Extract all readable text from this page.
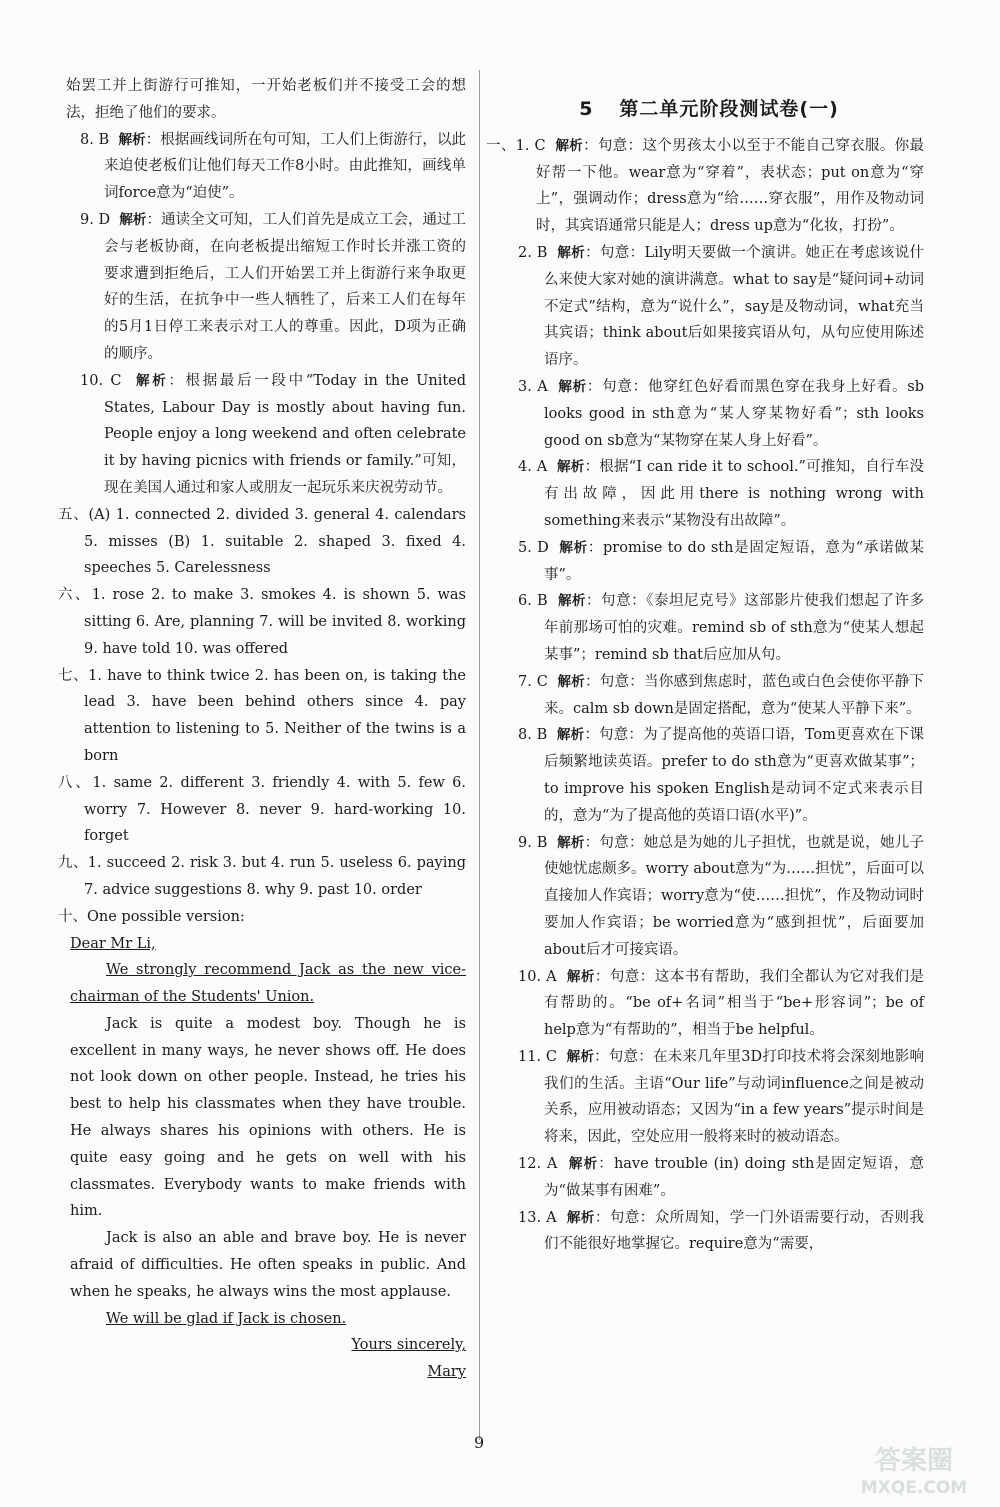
始罢工并上街游行可推知，一开始老板们并不接受工会的想法，拒绝了他们的要求。

8. B 解析：根据画线词所在句可知，工人们上街游行，以此来迫使老板们让他们每天工作8小时。由此推知，画线单词force意为“迫使”。

9. D 解析：通读全文可知，工人们首先是成立工会，通过工会与老板协商，在向老板提出缩短工作时长并涨工资的要求遭到拒绝后，工人们开始罢工并上街游行来争取更好的生活，在抗争中一些人牺牲了，后来工人们在每年的5月1日停工来表示对工人的尊重。因此，D项为正确的顺序。

10. C 解析：根据最后一段中“Today in the United States, Labour Day is mostly about having fun. People enjoy a long weekend and often celebrate it by having picnics with friends or family.”可知，现在美国人通过和家人或朋友一起玩乐来庆祝劳动节。

五、(A) 1. connected 2. divided 3. general 4. calendars 5. misses (B) 1. suitable 2. shaped 3. fixed 4. speeches 5. Carelessness

六、1. rose 2. to make 3. smokes 4. is shown 5. was sitting 6. Are, planning 7. will be invited 8. working 9. have told 10. was offered

七、1. have to think twice 2. has been on, is taking the lead 3. have been behind others since 4. pay attention to listening to 5. Neither of the twins is a born

八、1. same 2. different 3. friendly 4. with 5. few 6. worry 7. However 8. never 9. hard-working 10. forget

九、1. succeed 2. risk 3. but 4. run 5. useless 6. paying 7. advice suggestions 8. why 9. past 10. order

十、One possible version:

Dear Mr Li,

We strongly recommend Jack as the new vice-chairman of the Students' Union.

Jack is quite a modest boy. Though he is excellent in many ways, he never shows off. He does not look down on other people. Instead, he tries his best to help his classmates when they have trouble. He always shares his opinions with others. He is quite easy going and he gets on well with his classmates. Everybody wants to make friends with him.

Jack is also an able and brave boy. He is never afraid of difficulties. He often speaks in public. And when he speaks, he always wins the most applause.

We will be glad if Jack is chosen.

Yours sincerely,

Mary

5 第二单元阶段测试卷(一)

一、1. C 解析：句意：这个男孩太小以至于不能自己穿衣服。你最好帮一下他。wear意为“穿着”，表状态；put on意为“穿上”，强调动作；dress意为“给……穿衣服”，用作及物动词时，其宾语通常只能是人；dress up意为“化妆，打扮”。

2. B 解析：句意：Lily明天要做一个演讲。她正在考虑该说什么来使大家对她的演讲满意。what to say是“疑问词+动词不定式”结构，意为“说什么”，say是及物动词，what充当其宾语；think about后如果接宾语从句，从句应使用陈述语序。

3. A 解析：句意：他穿红色好看而黑色穿在我身上好看。sb looks good in sth意为“某人穿某物好看”；sth looks good on sb意为“某物穿在某人身上好看”。

4. A 解析：根据“I can ride it to school.”可推知，自行车没有出故障，因此用there is nothing wrong with something来表示“某物没有出故障”。

5. D 解析：promise to do sth是固定短语，意为“承诺做某事”。

6. B 解析：句意：《泰坦尼克号》这部影片使我们想起了许多年前那场可怕的灾难。remind sb of sth意为“使某人想起某事”；remind sb that后应加从句。

7. C 解析：句意：当你感到焦虑时，蓝色或白色会使你平静下来。calm sb down是固定搭配，意为“使某人平静下来”。

8. B 解析：句意：为了提高他的英语口语，Tom更喜欢在下课后频繁地读英语。prefer to do sth意为“更喜欢做某事”；to improve his spoken English是动词不定式来表示目的，意为“为了提高他的英语口语(水平)”。

9. B 解析：句意：她总是为她的儿子担忧，也就是说，她儿子使她忧虑颇多。worry about意为“为……担忧”，后面可以直接加人作宾语；worry意为“使……担忧”，作及物动词时要加人作宾语；be worried意为“感到担忧”，后面要加about后才可接宾语。

10. A 解析：句意：这本书有帮助，我们全都认为它对我们是有帮助的。“be of+名词”相当于“be+形容词”；be of help意为“有帮助的”，相当于be helpful。

11. C 解析：句意：在未来几年里3D打印技术将会深刻地影响我们的生活。主语“Our life”与动词influence之间是被动关系，应用被动语态；又因为“in a few years”提示时间是将来，因此，空处应用一般将来时的被动语态。

12. A 解析：have trouble (in) doing sth是固定短语，意为“做某事有困难”。

13. A 解析：句意：众所周知，学一门外语需要行动，否则我们不能很好地掌握它。require意为“需要，

9
答案圈
MXQE.COM
